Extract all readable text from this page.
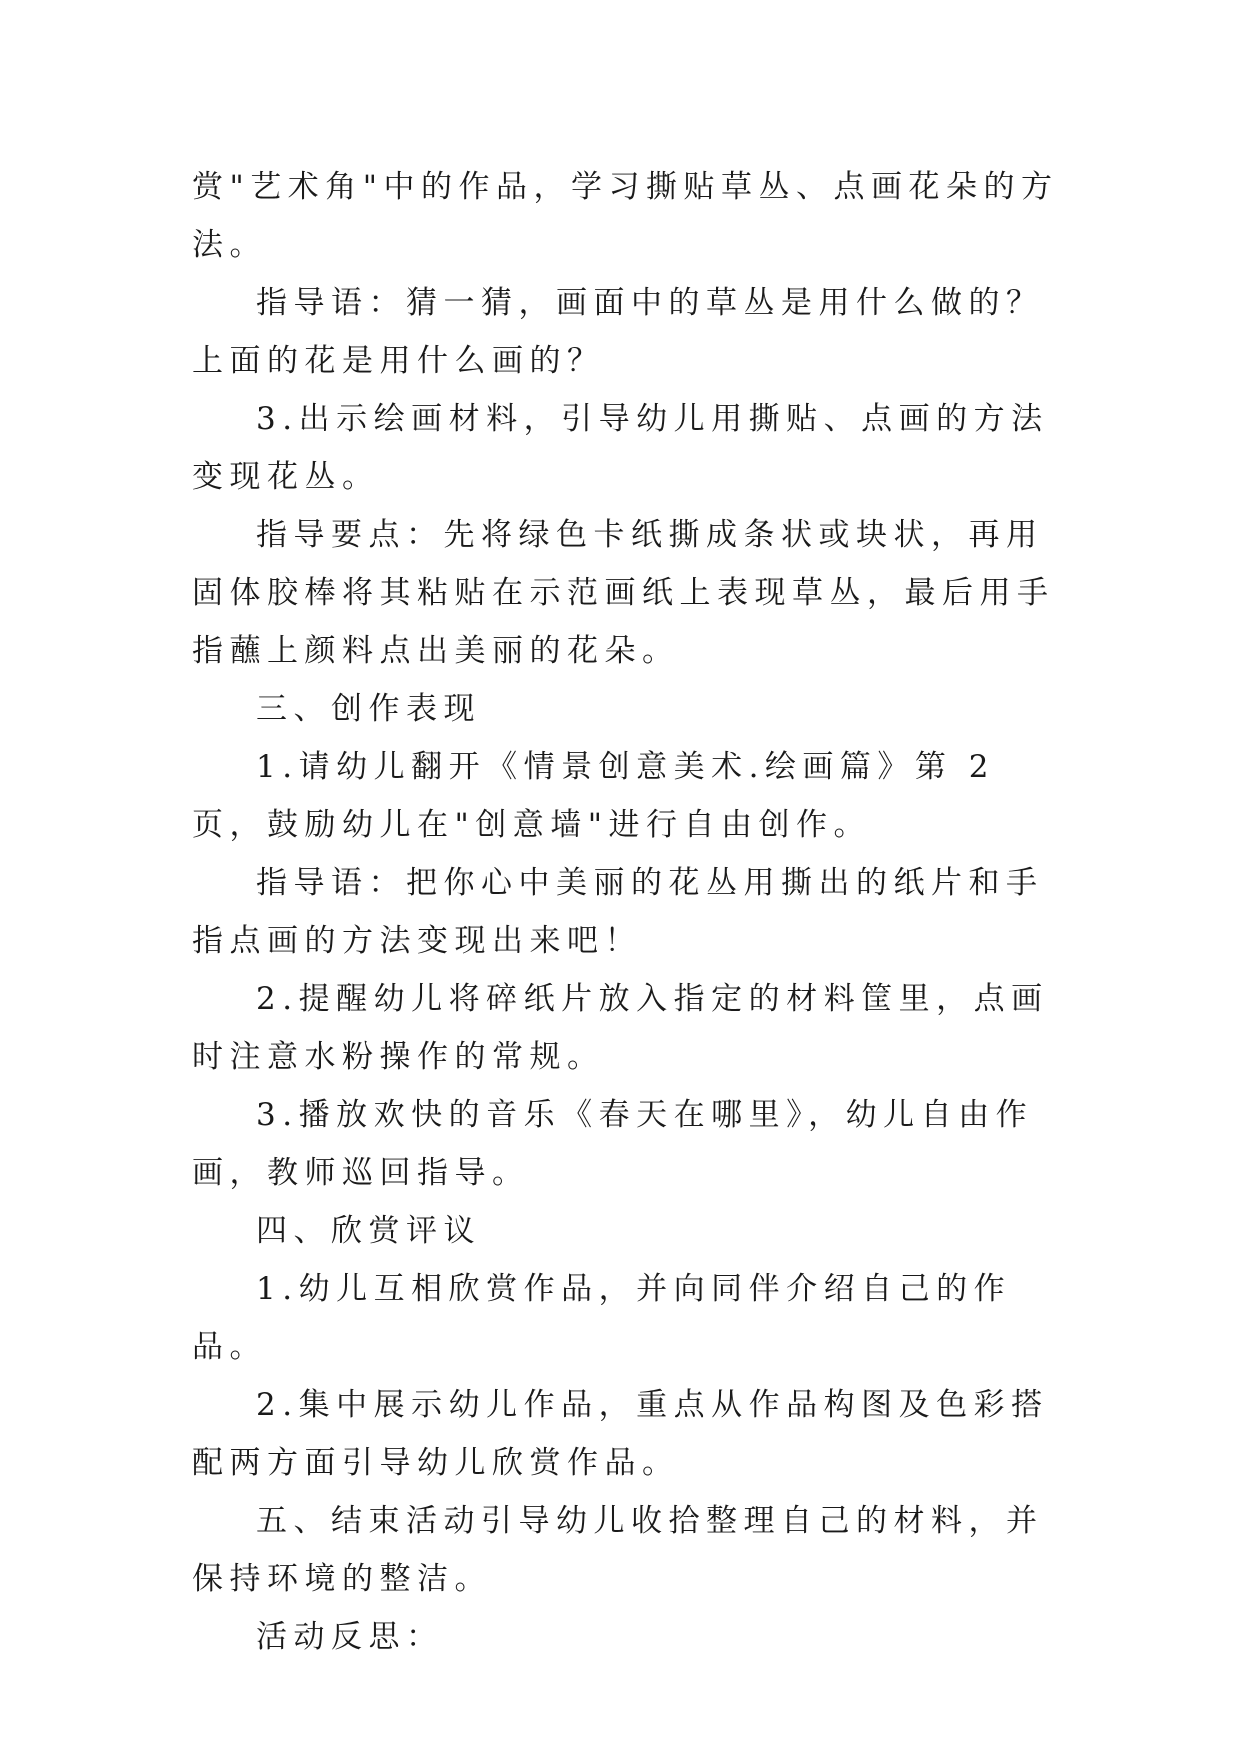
赏"艺术角"中的作品，学习撕贴草丛、点画花朵的方法。

指导语：猜一猜，画面中的草丛是用什么做的？上面的花是用什么画的？

3.出示绘画材料，引导幼儿用撕贴、点画的方法变现花丛。

指导要点：先将绿色卡纸撕成条状或块状，再用固体胶棒将其粘贴在示范画纸上表现草丛，最后用手指蘸上颜料点出美丽的花朵。

三、创作表现

1.请幼儿翻开《情景创意美术.绘画篇》第 2 页，鼓励幼儿在"创意墙"进行自由创作。

指导语：把你心中美丽的花丛用撕出的纸片和手指点画的方法变现出来吧！

2.提醒幼儿将碎纸片放入指定的材料筐里，点画时注意水粉操作的常规。

3.播放欢快的音乐《春天在哪里》，幼儿自由作画，教师巡回指导。

四、欣赏评议

1.幼儿互相欣赏作品，并向同伴介绍自己的作品。

2.集中展示幼儿作品，重点从作品构图及色彩搭配两方面引导幼儿欣赏作品。

五、结束活动引导幼儿收拾整理自己的材料，并保持环境的整洁。

活动反思：
